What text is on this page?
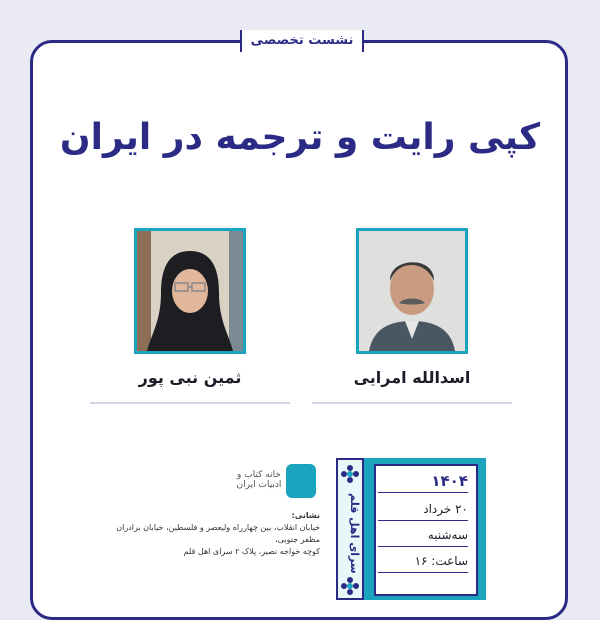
نشست تخصصی
کپی رایت و ترجمه در ایران
ثمین نبی پور	اسدالله امرایی
خانه کتاب و ادبیات ایران
نشانی:
خیابان انقلاب، بین چهارراه ولیعصر و فلسطین، خیابان برادران مظفر جنوبی،
کوچه خواجه نصیر، پلاک ۲ سرای اهل قلم
۱۴۰۴
۲۰ خرداد
سه‌شنبه
ساعت: ۱۶
سرای اهل قلم
